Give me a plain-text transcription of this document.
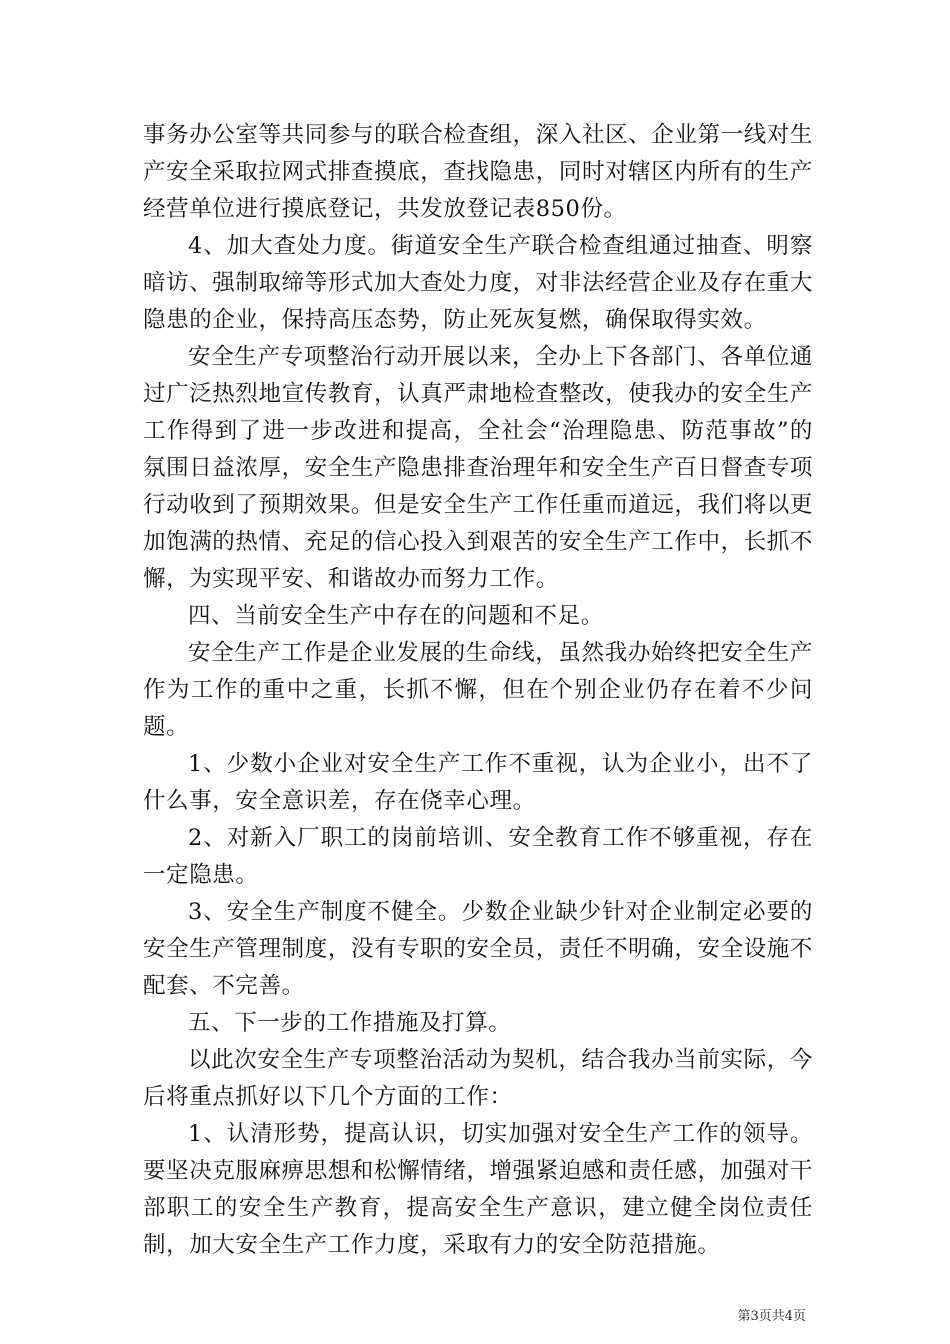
事务办公室等共同参与的联合检查组，深入社区、企业第一线对生产安全采取拉网式排查摸底，查找隐患，同时对辖区内所有的生产经营单位进行摸底登记，共发放登记表850份。

4、加大查处力度。街道安全生产联合检查组通过抽查、明察暗访、强制取缔等形式加大查处力度，对非法经营企业及存在重大隐患的企业，保持高压态势，防止死灰复燃，确保取得实效。

安全生产专项整治行动开展以来，全办上下各部门、各单位通过广泛热烈地宣传教育，认真严肃地检查整改，使我办的安全生产工作得到了进一步改进和提高，全社会“治理隐患、防范事故”的氛围日益浓厚，安全生产隐患排查治理年和安全生产百日督查专项行动收到了预期效果。但是安全生产工作任重而道远，我们将以更加饱满的热情、充足的信心投入到艰苦的安全生产工作中，长抓不懈，为实现平安、和谐故办而努力工作。

四、当前安全生产中存在的问题和不足。

安全生产工作是企业发展的生命线，虽然我办始终把安全生产作为工作的重中之重，长抓不懈，但在个别企业仍存在着不少问题。

1、少数小企业对安全生产工作不重视，认为企业小，出不了什么事，安全意识差，存在侥幸心理。

2、对新入厂职工的岗前培训、安全教育工作不够重视，存在一定隐患。

3、安全生产制度不健全。少数企业缺少针对企业制定必要的安全生产管理制度，没有专职的安全员，责任不明确，安全设施不配套、不完善。

五、下一步的工作措施及打算。

以此次安全生产专项整治活动为契机，结合我办当前实际，今后将重点抓好以下几个方面的工作：

1、认清形势，提高认识，切实加强对安全生产工作的领导。要坚决克服麻痹思想和松懈情绪，增强紧迫感和责任感，加强对干部职工的安全生产教育，提高安全生产意识，建立健全岗位责任制，加大安全生产工作力度，采取有力的安全防范措施。

第3页共4页
